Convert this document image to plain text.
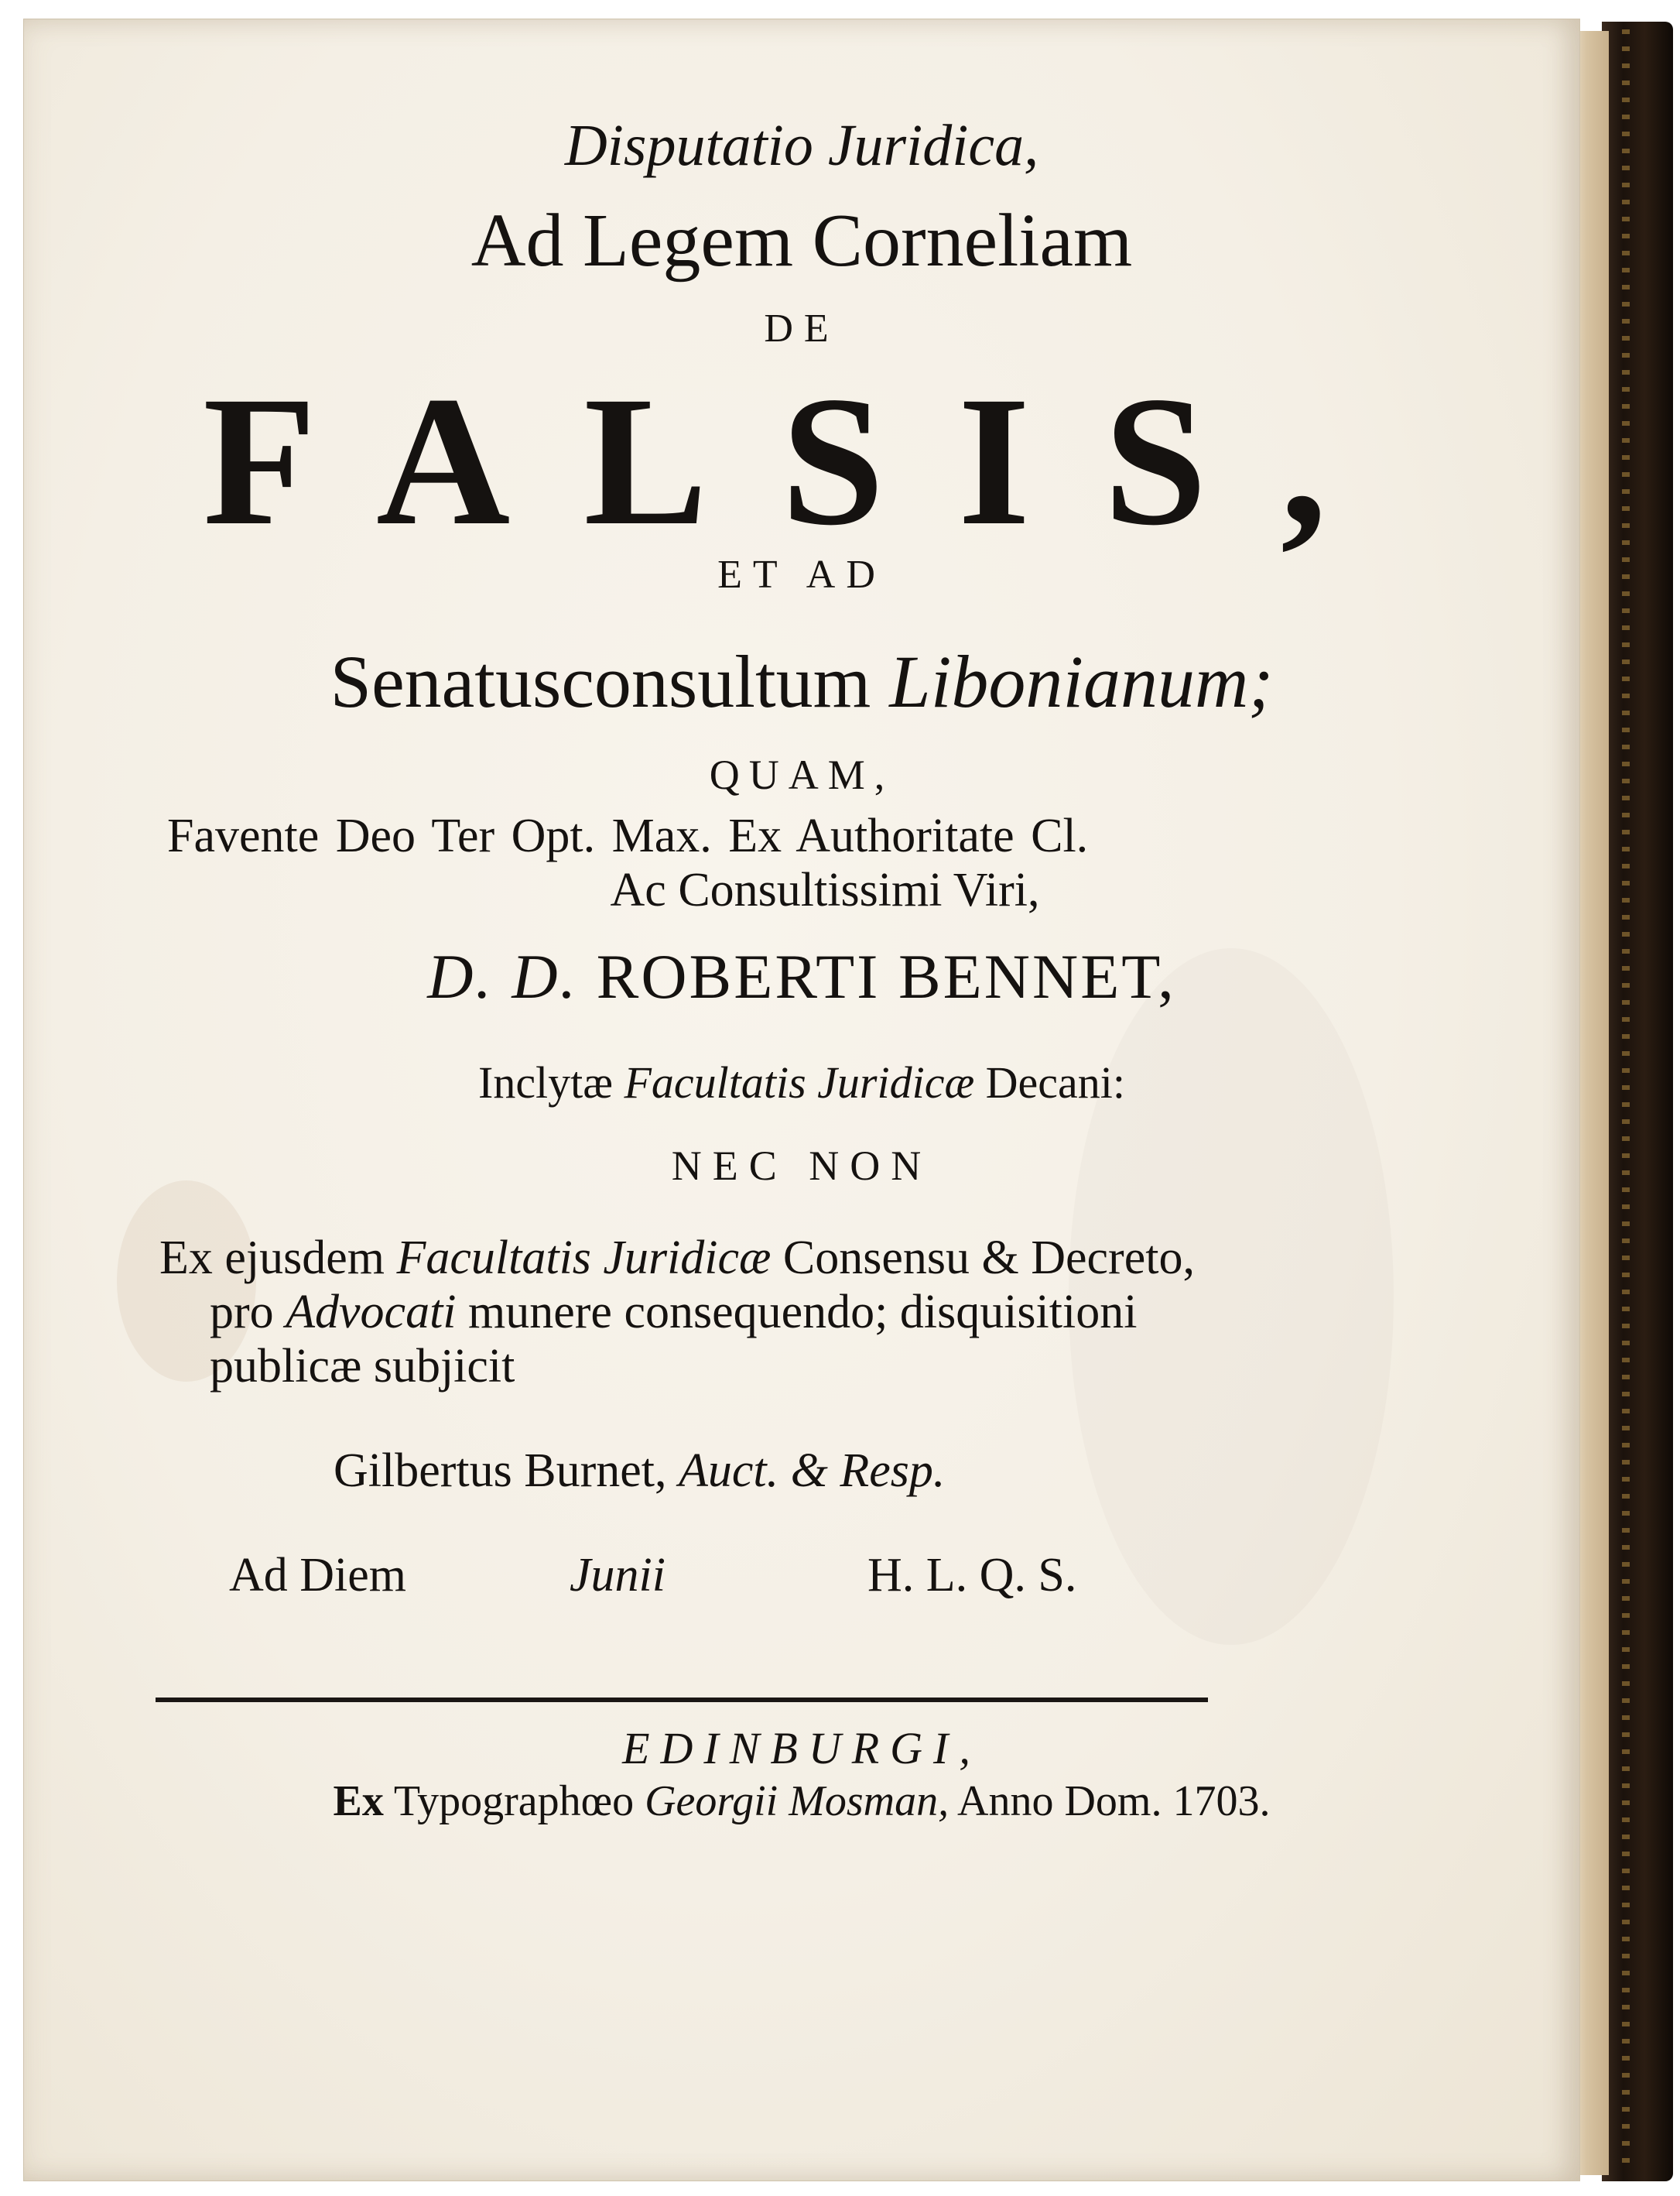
Disputatio Juridica,

Ad Legem Corneliam

DE

FALSIS,

ET AD

Senatusconsultum Libonianum;

QUAM,

Favente Deo Ter Opt. Max. Ex Authoritate Cl.

Ac Consultissimi Viri,

D. D. ROBERTI BENNET,

Inclytæ Facultatis Juridicæ Decani:

NEC NON

Ex ejusdem Facultatis Juridicæ Consensu & Decreto,

pro Advocati munere consequendo; disquisitioni

publicæ subjicit

Gilbertus Burnet, Auct. & Resp.

Ad Diem	Junii	H. L. Q. S.

EDINBURGI,

Ex Typographœo Georgii Mosman, Anno Dom. 1703.
